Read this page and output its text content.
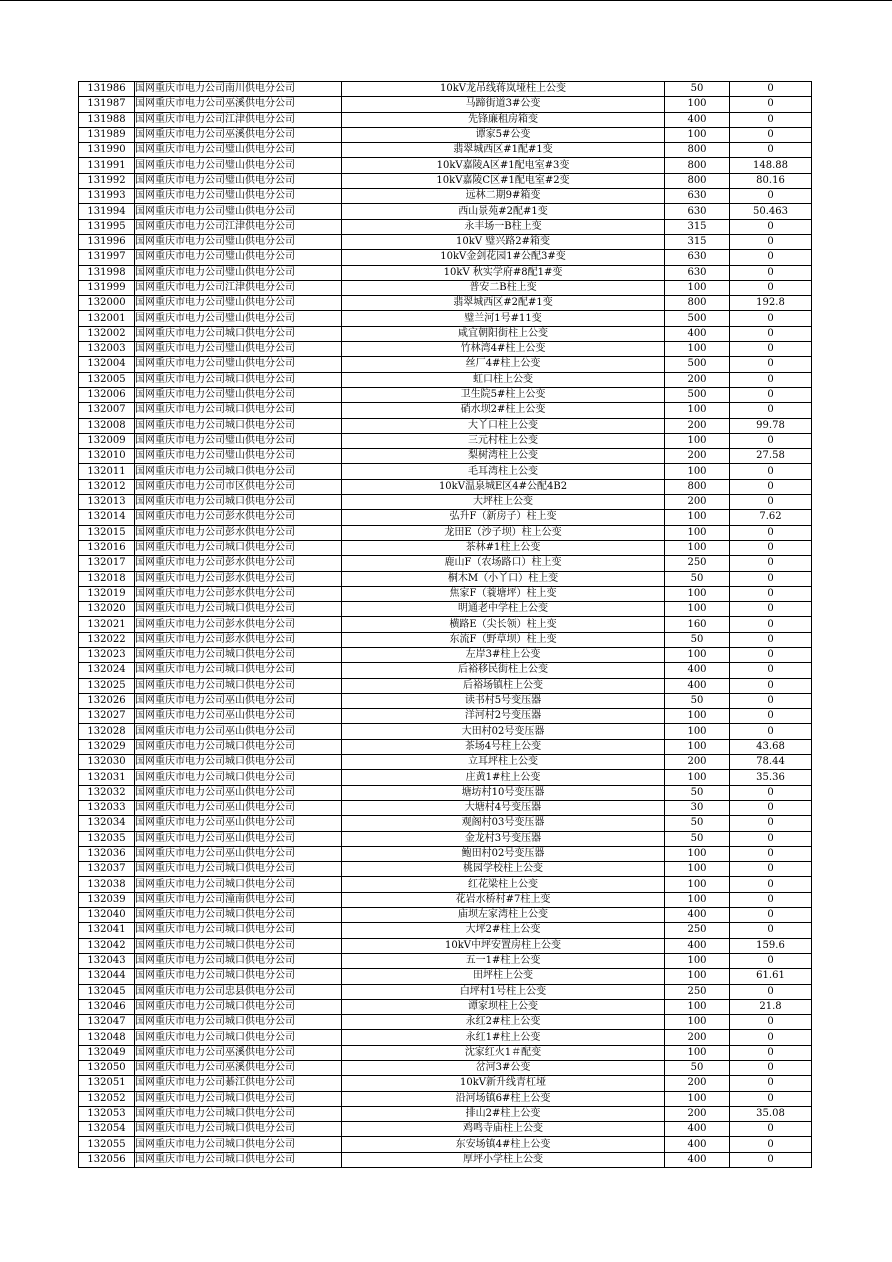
131986	国网重庆市电力公司南川供电分公司	10kV龙吊线蒋岚垭柱上公变	50	0
131987	国网重庆市电力公司巫溪供电分公司	马蹄街道3#公变	100	0
131988	国网重庆市电力公司江津供电分公司	先锋廉租房箱变	400	0
131989	国网重庆市电力公司巫溪供电分公司	谭家5#公变	100	0
131990	国网重庆市电力公司璧山供电分公司	翡翠城西区#1配#1变	800	0
131991	国网重庆市电力公司璧山供电分公司	10kV嘉陵A区#1配电室#3变	800	148.88
131992	国网重庆市电力公司璧山供电分公司	10kV嘉陵C区#1配电室#2变	800	80.16
131993	国网重庆市电力公司璧山供电分公司	远林二期9#箱变	630	0
131994	国网重庆市电力公司璧山供电分公司	西山景苑#2配#1变	630	50.463
131995	国网重庆市电力公司江津供电分公司	永丰场一B柱上变	315	0
131996	国网重庆市电力公司璧山供电分公司	10kV 璧兴路2#箱变	315	0
131997	国网重庆市电力公司璧山供电分公司	10kV金剑花园1#公配3#变	630	0
131998	国网重庆市电力公司璧山供电分公司	10kV 秋实学府#8配1#变	630	0
131999	国网重庆市电力公司江津供电分公司	普安二B柱上变	100	0
132000	国网重庆市电力公司璧山供电分公司	翡翠城西区#2配#1变	800	192.8
132001	国网重庆市电力公司璧山供电分公司	璧兰河1号#11变	500	0
132002	国网重庆市电力公司城口供电分公司	咸宜朝阳街柱上公变	400	0
132003	国网重庆市电力公司璧山供电分公司	竹林湾4#柱上公变	100	0
132004	国网重庆市电力公司璧山供电分公司	丝厂4#柱上公变	500	0
132005	国网重庆市电力公司城口供电分公司	虹口柱上公变	200	0
132006	国网重庆市电力公司璧山供电分公司	卫生院5#柱上公变	500	0
132007	国网重庆市电力公司城口供电分公司	硝水坝2#柱上公变	100	0
132008	国网重庆市电力公司城口供电分公司	大丫口柱上公变	200	99.78
132009	国网重庆市电力公司璧山供电分公司	三元村柱上公变	100	0
132010	国网重庆市电力公司璧山供电分公司	梨树湾柱上公变	200	27.58
132011	国网重庆市电力公司城口供电分公司	毛耳湾柱上公变	100	0
132012	国网重庆市电力公司市区供电分公司	10kV温泉城E区4#公配4B2	800	0
132013	国网重庆市电力公司城口供电分公司	大坪柱上公变	200	0
132014	国网重庆市电力公司彭水供电分公司	弘升F（新房子）柱上变	100	7.62
132015	国网重庆市电力公司彭水供电分公司	龙田E（沙子坝）柱上公变	100	0
132016	国网重庆市电力公司城口供电分公司	茶林#1柱上公变	100	0
132017	国网重庆市电力公司彭水供电分公司	鹿山F（农场路口）柱上变	250	0
132018	国网重庆市电力公司彭水供电分公司	桐木M（小丫口）柱上变	50	0
132019	国网重庆市电力公司彭水供电分公司	焦家F（蓑塘坪）柱上变	100	0
132020	国网重庆市电力公司城口供电分公司	明通老中学柱上公变	100	0
132021	国网重庆市电力公司彭水供电分公司	横路E（尖长领）柱上变	160	0
132022	国网重庆市电力公司彭水供电分公司	东流F（野草坝）柱上变	50	0
132023	国网重庆市电力公司城口供电分公司	左岸3#柱上公变	100	0
132024	国网重庆市电力公司城口供电分公司	后裕移民街柱上公变	400	0
132025	国网重庆市电力公司城口供电分公司	后裕场镇柱上公变	400	0
132026	国网重庆市电力公司巫山供电分公司	读书村5号变压器	50	0
132027	国网重庆市电力公司巫山供电分公司	洋河村2号变压器	100	0
132028	国网重庆市电力公司巫山供电分公司	大田村02号变压器	100	0
132029	国网重庆市电力公司城口供电分公司	茶场4号柱上公变	100	43.68
132030	国网重庆市电力公司城口供电分公司	立耳坪柱上公变	200	78.44
132031	国网重庆市电力公司城口供电分公司	庄黄1#柱上公变	100	35.36
132032	国网重庆市电力公司巫山供电分公司	塘坊村10号变压器	50	0
132033	国网重庆市电力公司巫山供电分公司	大塘村4号变压器	30	0
132034	国网重庆市电力公司巫山供电分公司	观阁村03号变压器	50	0
132035	国网重庆市电力公司巫山供电分公司	金龙村3号变压器	50	0
132036	国网重庆市电力公司巫山供电分公司	鲍田村02号变压器	100	0
132037	国网重庆市电力公司城口供电分公司	桃园学校柱上公变	100	0
132038	国网重庆市电力公司城口供电分公司	红花梁柱上公变	100	0
132039	国网重庆市电力公司潼南供电分公司	花岩水桥村#7柱上变	100	0
132040	国网重庆市电力公司城口供电分公司	庙坝左家湾柱上公变	400	0
132041	国网重庆市电力公司城口供电分公司	大坪2#柱上公变	250	0
132042	国网重庆市电力公司城口供电分公司	10kV中坪安置房柱上公变	400	159.6
132043	国网重庆市电力公司城口供电分公司	五一1#柱上公变	100	0
132044	国网重庆市电力公司城口供电分公司	田坪柱上公变	100	61.61
132045	国网重庆市电力公司忠县供电分公司	白坪村1号柱上公变	250	0
132046	国网重庆市电力公司城口供电分公司	谭家坝柱上公变	100	21.8
132047	国网重庆市电力公司城口供电分公司	永红2#柱上公变	100	0
132048	国网重庆市电力公司城口供电分公司	永红1#柱上公变	200	0
132049	国网重庆市电力公司巫溪供电分公司	沈家红火1＃配变	100	0
132050	国网重庆市电力公司巫溪供电分公司	岔河3#公变	50	0
132051	国网重庆市电力公司綦江供电分公司	10kV新升线青杠垭	200	0
132052	国网重庆市电力公司城口供电分公司	沿河场镇6#柱上公变	100	0
132053	国网重庆市电力公司城口供电分公司	排山2#柱上公变	200	35.08
132054	国网重庆市电力公司城口供电分公司	鸡鸣寺庙柱上公变	400	0
132055	国网重庆市电力公司城口供电分公司	东安场镇4#柱上公变	400	0
132056	国网重庆市电力公司城口供电分公司	厚坪小学柱上公变	400	0
